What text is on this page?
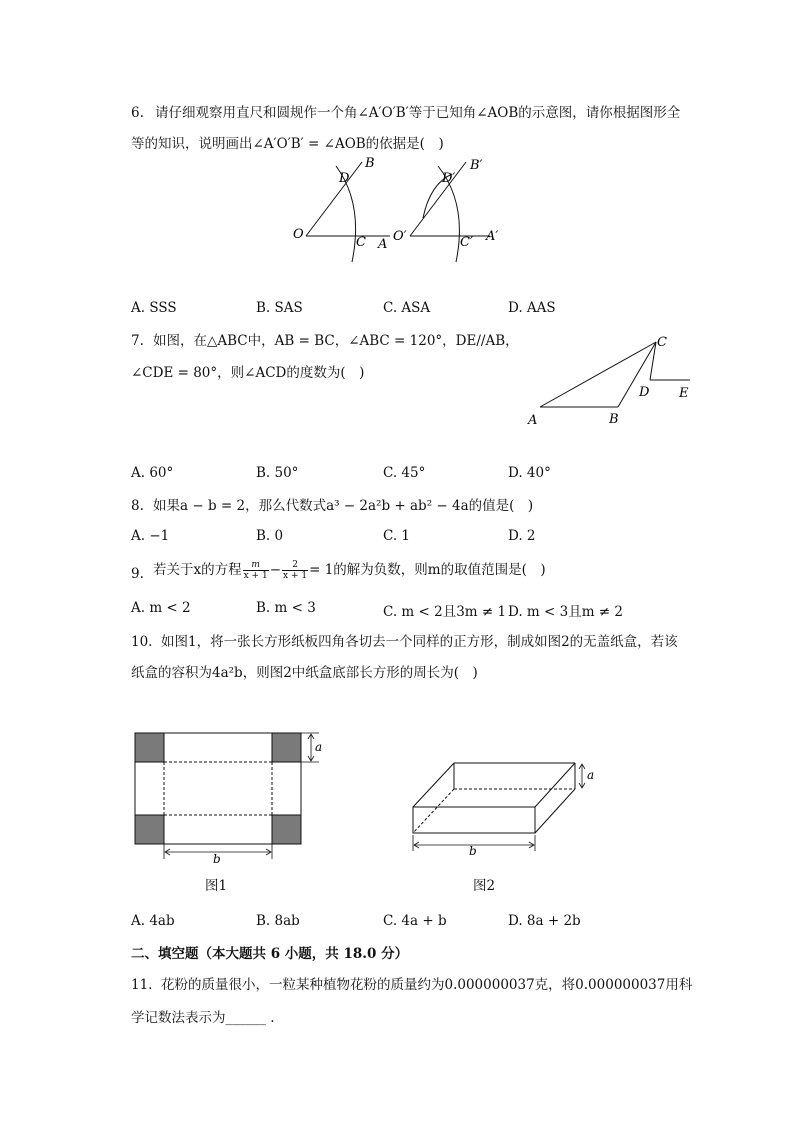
6. 请仔细观察用直尺和圆规作一个角∠A′O′B′等于已知角∠AOB的示意图，请你根据图形全
等的知识，说明画出∠A′O′B′ = ∠AOB的依据是(　)
O
A
B
C
D
O′	A′
B′
C′
D′
A. SSS	B. SAS	C. ASA	D. AAS
7. 如图，在△ABC中，AB = BC，∠ABC = 120°，DE//AB，
∠CDE = 80°，则∠ACD的度数为(　)
A	B
C
D E
A. 60°	B. 50°	C. 45°	D. 40°
8. 如果a − b = 2，那么代数式a³ − 2a²b + ab² − 4a的值是(　)
A. −1	B. 0	C. 1	D. 2
9. 若关于x的方程 $\frac{m}{x + 1} - \frac{2}{x + 1} = 1$的解为负数，则m的取值范围是(　)
A. m < 2	B. m < 3	C. m < 2且3m ≠ 1 D. m < 3且m ≠ 2
10. 如图1，将一张长方形纸板四角各切去一个同样的正方形，制成如图2的无盖纸盒，若该
纸盒的容积为4a²b，则图2中纸盒底部长方形的周长为(　)
a
b
图1
a
b
图2
A. 4ab	B. 8ab	C. 4a + b	D. 8a + 2b
二、填空题（本大题共 6 小题，共 18.0 分）
11. 花粉的质量很小，一粒某种植物花粉的质量约为0.000000037克，将0.000000037用科
学记数法表示为______ .
